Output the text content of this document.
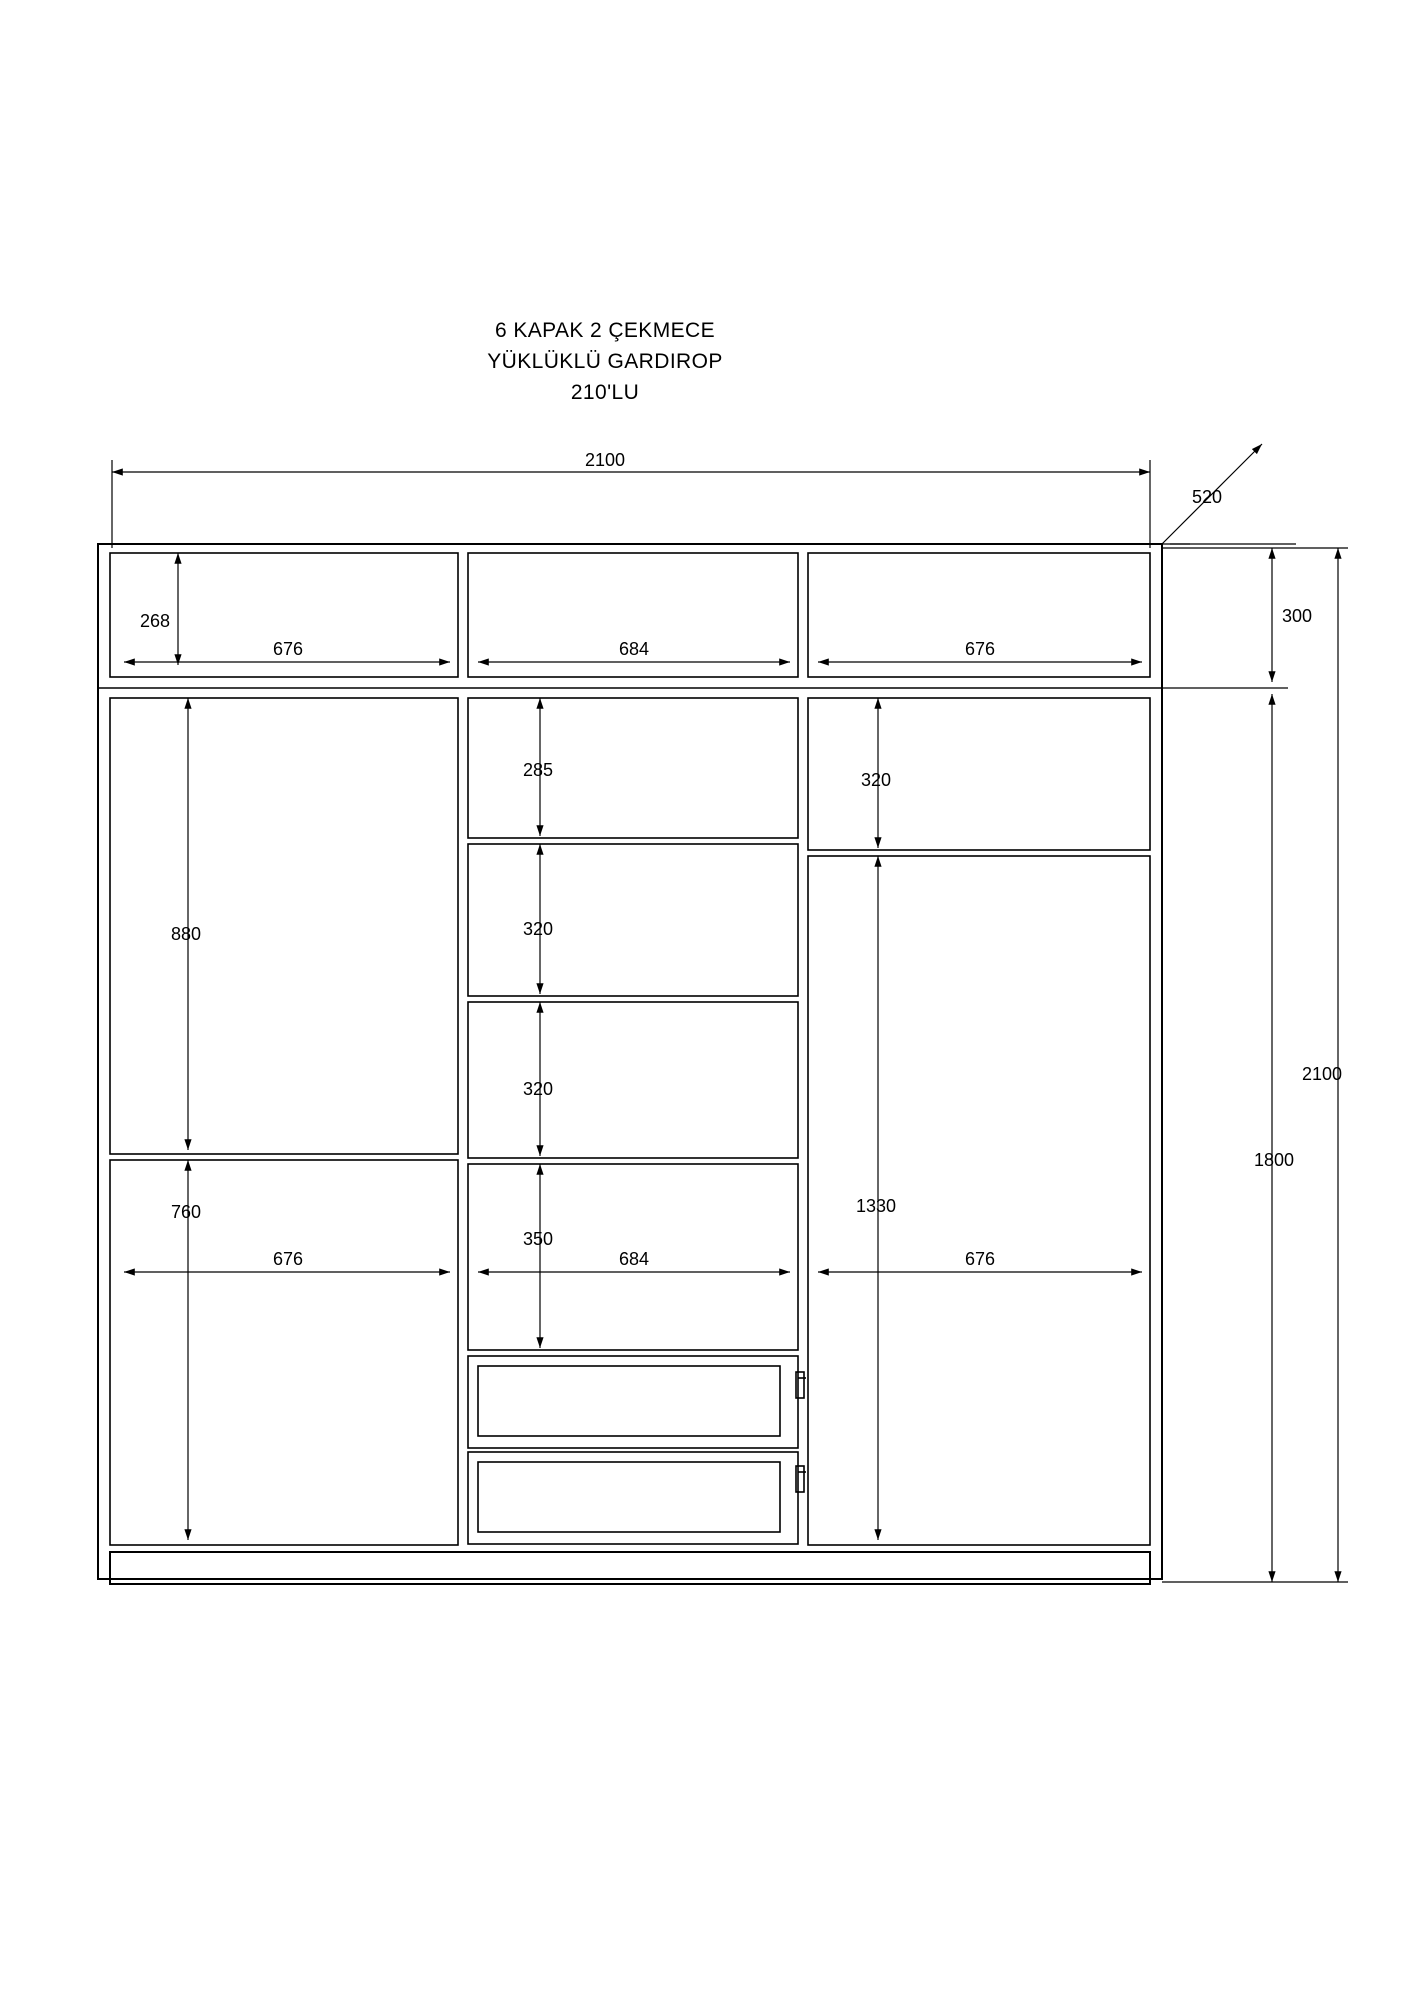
6 KAPAK 2 ÇEKMECE
YÜKLÜKLÜ GARDIROP
210'LU
520
2100
300
1800
2100
268
676	684	676
880
760
676
285
320
320
350
684
320
1330
676
